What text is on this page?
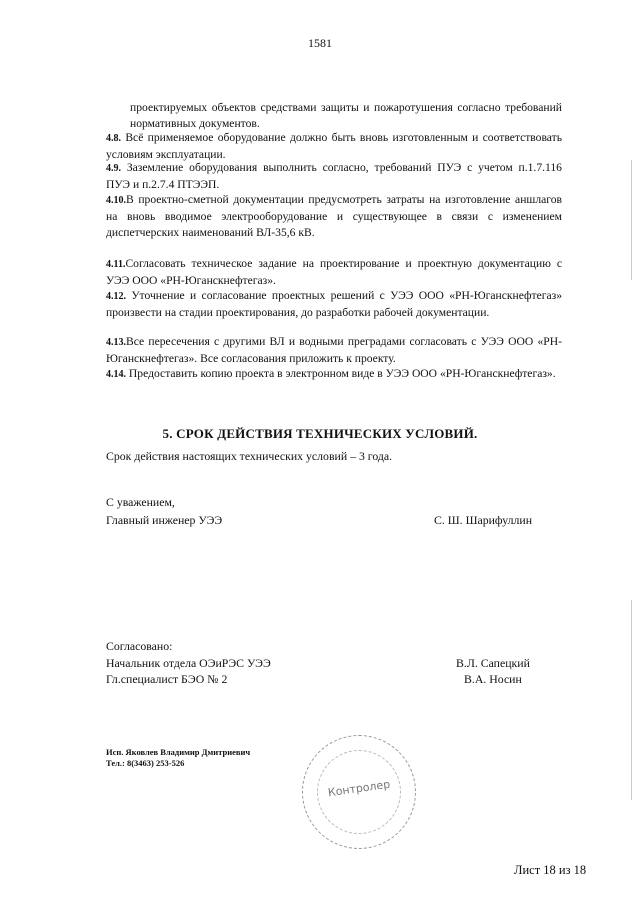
1581
проектируемых объектов средствами защиты и пожаротушения согласно требований нормативных документов.
4.8. Всё применяемое оборудование должно быть вновь изготовленным и соответствовать условиям эксплуатации.
4.9. Заземление оборудования выполнить согласно, требований ПУЭ с учетом п.1.7.116 ПУЭ и п.2.7.4 ПТЭЭП.
4.10.В проектно-сметной документации предусмотреть затраты на изготовление аншлагов на вновь вводимое электрооборудование и существующее в связи с изменением диспетчерских наименований ВЛ-35,6 кВ.
4.11.Согласовать техническое задание на проектирование и проектную документацию с УЭЭ ООО «РН-Юганскнефтегаз».
4.12. Уточнение и согласование проектных решений с УЭЭ ООО «РН-Юганскнефтегаз» произвести на стадии проектирования, до разработки рабочей документации.
4.13.Все пересечения с другими ВЛ и водными преградами согласовать с УЭЭ ООО «РН-Юганскнефтегаз». Все согласования приложить к проекту.
4.14. Предоставить копию проекта в электронном виде в УЭЭ ООО «РН-Юганскнефтегаз».
5. СРОК ДЕЙСТВИЯ ТЕХНИЧЕСКИХ УСЛОВИЙ.
Срок действия настоящих технических условий – 3 года.
С уважением,
Главный инженер УЭЭ	С. Ш. Шарифуллин
Согласовано:
Начальник отдела ОЭиРЭС УЭЭ	В.Л. Сапецкий
Гл.специалист БЭО № 2	В.А. Носин
Исп. Яковлев Владимир Дмитриевич
Тел.: 8(3463) 253-526
Контролер
Лист 18 из 18
